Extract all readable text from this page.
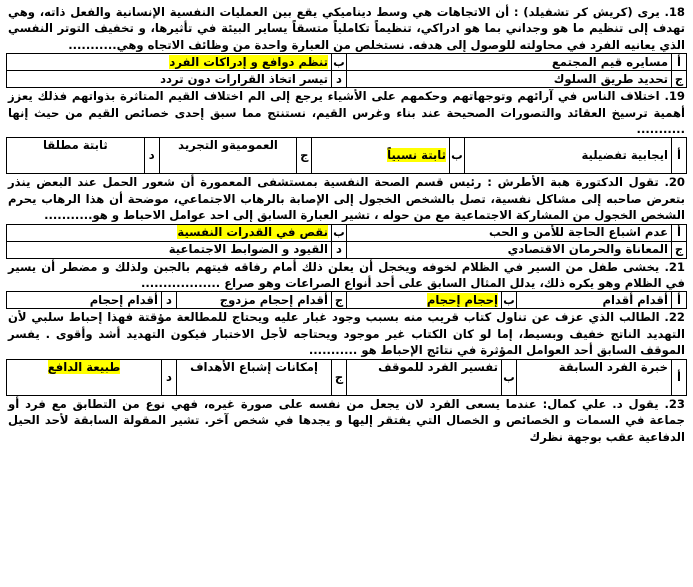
18. يرى (كريش كر تشفيلد) : أن الاتجاهات هي وسط ديناميكي يقع بين العمليات النفسية الإنسانية والفعل ذاته، وهي تهدف إلى تنظيم ما هو وجداني بما هو ادراكي، تنظيماً تكاملياً متسقاً يساير البيئة في تأثيرها، و تخفيف التوتر النفسي الذي يعانيه الفرد في محاولته للوصول إلى هدفه. نستخلص من العبارة واحدة من وظائف الاتجاه وهي...........

أ	مسايره قيم المجتمع	ب	تنظم دوافع و إدراكات الفرد
ج	تحديد طريق السلوك	د	تيسر اتخاذ القرارات دون تردد

19. اختلاف الناس في آرائهم وتوجهاتهم وحكمهم على الأشياء يرجع إلى الم اختلاف القيم المتاثرة بذواتهم فذلك يعزز أهمية ترسيخ العقائد والتصورات الصحيحة عند بناء وغرس القيم، نستنتج مما سبق إحدى خصائص القيم من حيث إنها ...........

أ	ايجابية تفضيلية	ب	ثابتة نسبياً	ج	العموميةو التجريد	د	ثابتة مطلقا

20. تقول الدكتورة هبة الأطرش : رئيس قسم الصحة النفسية بمستشفى المعمورة أن شعور الحمل عند البعض ينذر بتعرض صاحبه إلى مشاكل نفسية، تصل بالشخص الخجول إلى الإصابة بالرهاب الاجتماعي، موضحة أن هذا الرهاب يحرم الشخص الخجول من المشاركة الاجتماعية مع من حوله ، تشير العبارة السابق إلى احد عوامل الاحباط و هو...........

أ	عدم اشباع الحاجة للأمن و الحب	ب	نقص في القدرات النفسية
ج	المعاناة والحرمان الاقتصادي	د	القيود و الضوابط الاجتماعية

21. يخشى طفل من السير في الظلام لخوفه ويخجل أن يعلن ذلك أمام رفاقه فيتهم بالجبن ولذلك و مضطر أن يسير في الظلام وهو يكره ذلك، يدلل المثال السابق على أحد أنواع الصراعات وهو صراع ..................

أ	أقدام أقدام	ب	إحجام إحجام	ج	أقدام إحجام مزدوج	د	أقدام إحجام

22. الطالب الذي عزف عن تناول كتاب قريب منه بسبب وجود غبار عليه ويحتاج للمطالعة مؤقتة فهذا إحباط سلبي لأن التهديد الناتج خفيف وبسيط، إما لو كان الكتاب غير موجود ويحتاجه لأجل الاختبار فيكون التهديد أشد وأقوى . يفسر الموقف السابق أحد العوامل المؤثرة في نتائج الإحباط هو ...........

أ	خبرة الفرد السابقة	ب	تفسير الفرد للموقف	ج	إمكانات إشباع الأهداف	د	طبيعة الدافع

23. يقول د. علي كمال: عندما يسعى الفرد لان يجعل من نفسه على صورة غيره، فهي نوع من التطابق مع فرد أو جماعة في السمات و الخصائص و الخصال التي يفتقر إليها و يجدها في شخص آخر. تشير المقولة السابقة لأحد الحيل الدفاعية عقب بوجهة نظرك
